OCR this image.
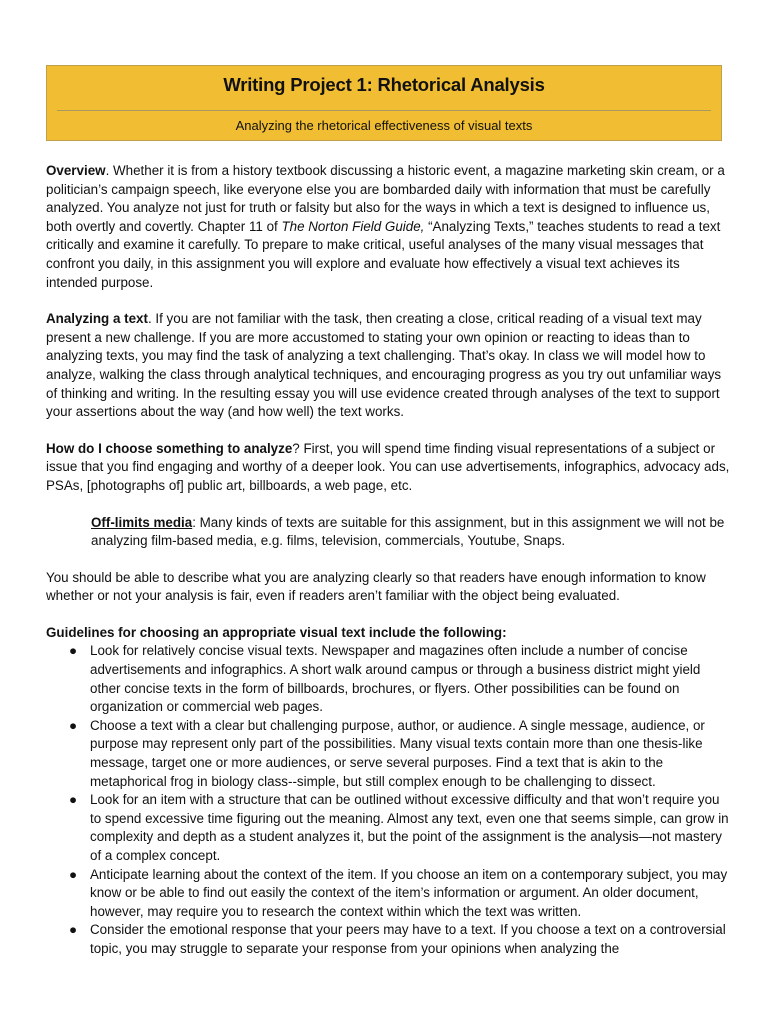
Writing Project 1: Rhetorical Analysis
Analyzing the rhetorical effectiveness of visual texts

Overview. Whether it is from a history textbook discussing a historic event, a magazine marketing skin cream, or a politician’s campaign speech, like everyone else you are bombarded daily with information that must be carefully analyzed. You analyze not just for truth or falsity but also for the ways in which a text is designed to influence us, both overtly and covertly. Chapter 11 of The Norton Field Guide, “Analyzing Texts,” teaches students to read a text critically and examine it carefully. To prepare to make critical, useful analyses of the many visual messages that confront you daily, in this assignment you will explore and evaluate how effectively a visual text achieves its intended purpose.

Analyzing a text. If you are not familiar with the task, then creating a close, critical reading of a visual text may present a new challenge. If you are more accustomed to stating your own opinion or reacting to ideas than to analyzing texts, you may find the task of analyzing a text challenging. That’s okay. In class we will model how to analyze, walking the class through analytical techniques, and encouraging progress as you try out unfamiliar ways of thinking and writing. In the resulting essay you will use evidence created through analyses of the text to support your assertions about the way (and how well) the text works.

How do I choose something to analyze? First, you will spend time finding visual representations of a subject or issue that you find engaging and worthy of a deeper look. You can use advertisements, infographics, advocacy ads, PSAs, [photographs of] public art, billboards, a web page, etc.

Off-limits media: Many kinds of texts are suitable for this assignment, but in this assignment we will not be analyzing film-based media, e.g. films, television, commercials, Youtube, Snaps.

You should be able to describe what you are analyzing clearly so that readers have enough information to know whether or not your analysis is fair, even if readers aren’t familiar with the object being evaluated.

Guidelines for choosing an appropriate visual text include the following:
● Look for relatively concise visual texts. Newspaper and magazines often include a number of concise advertisements and infographics. A short walk around campus or through a business district might yield other concise texts in the form of billboards, brochures, or flyers. Other possibilities can be found on organization or commercial web pages.
● Choose a text with a clear but challenging purpose, author, or audience. A single message, audience, or purpose may represent only part of the possibilities. Many visual texts contain more than one thesis-like message, target one or more audiences, or serve several purposes. Find a text that is akin to the metaphorical frog in biology class--simple, but still complex enough to be challenging to dissect.
● Look for an item with a structure that can be outlined without excessive difficulty and that won’t require you to spend excessive time figuring out the meaning. Almost any text, even one that seems simple, can grow in complexity and depth as a student analyzes it, but the point of the assignment is the analysis—not mastery of a complex concept.
● Anticipate learning about the context of the item. If you choose an item on a contemporary subject, you may know or be able to find out easily the context of the item’s information or argument. An older document, however, may require you to research the context within which the text was written.
● Consider the emotional response that your peers may have to a text. If you choose a text on a controversial topic, you may struggle to separate your response from your opinions when analyzing the
